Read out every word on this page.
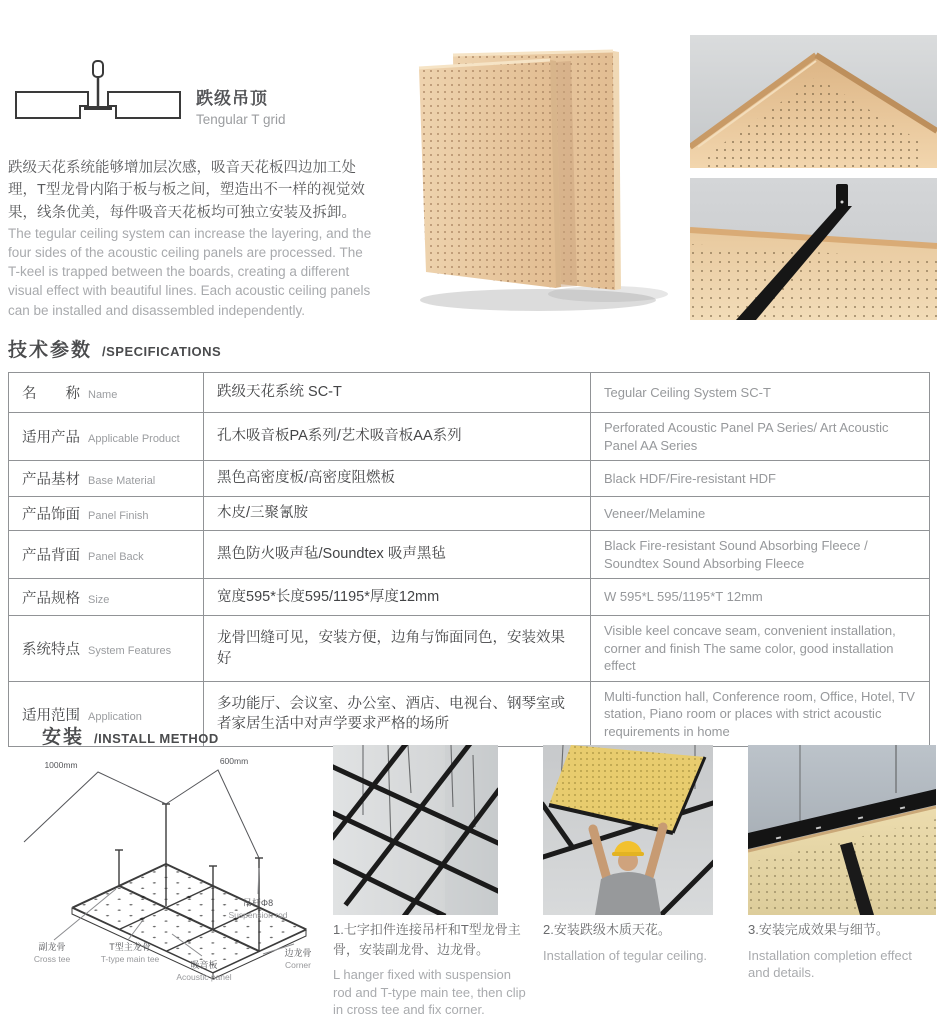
跌级吊顶
Tengular T grid
跌级天花系统能够增加层次感，吸音天花板四边加工处理，T型龙骨内陷于板与板之间，塑造出不一样的视觉效果，线条优美，每件吸音天花板均可独立安装及拆卸。
The tegular ceiling system can increase the layering, and the four sides of the acoustic ceiling panels are processed. The T-keel is trapped between the boards, creating a different visual effect with beautiful lines. Each acoustic ceiling panels can be installed and disassembled independently.
技术参数 /SPECIFICATIONS
名　　称 Name	跌级天花系统 SC-T	Tegular Ceiling System SC-T
适用产品 Applicable Product	孔木吸音板PA系列/艺术吸音板AA系列	Perforated Acoustic Panel PA Series/ Art Acoustic Panel AA Series
产品基材 Base Material	黑色高密度板/高密度阻燃板	Black HDF/Fire-resistant HDF
产品饰面 Panel Finish	木皮/三聚氰胺	Veneer/Melamine
产品背面 Panel Back	黑色防火吸声毡/Soundtex 吸声黑毡	Black Fire-resistant Sound Absorbing Fleece / Soundtex Sound Absorbing Fleece
产品规格 Size	宽度595*长度595/1195*厚度12mm	W 595*L 595/1195*T 12mm
系统特点 System Features	龙骨凹缝可见，安装方便，边角与饰面同色，安装效果好	Visible keel concave seam, convenient installation, corner and finish The same color, good installation effect
适用范围 Application	多功能厅、会议室、办公室、酒店、电视台、钢琴室或者家居生活中对声学要求严格的场所	Multi-function hall, Conference room, Office, Hotel, TV station, Piano room or places with strict acoustic requirements in home
安装 /INSTALL METHOD
1000mm	600mm
副龙骨
Cross tee
T型主龙骨
T-type main tee
吸音板
Acoustic panel
吊杆Φ8
Suspension rod
边龙骨
Corner
1.七字扣件连接吊杆和T型龙骨主骨，安装副龙骨、边龙骨。
L hanger fixed with suspension rod and T-type main tee, then clip in cross tee and fix corner.
2.安装跌级木质天花。
Installation of tegular ceiling.
3.安装完成效果与细节。
Installation completion effect and details.
